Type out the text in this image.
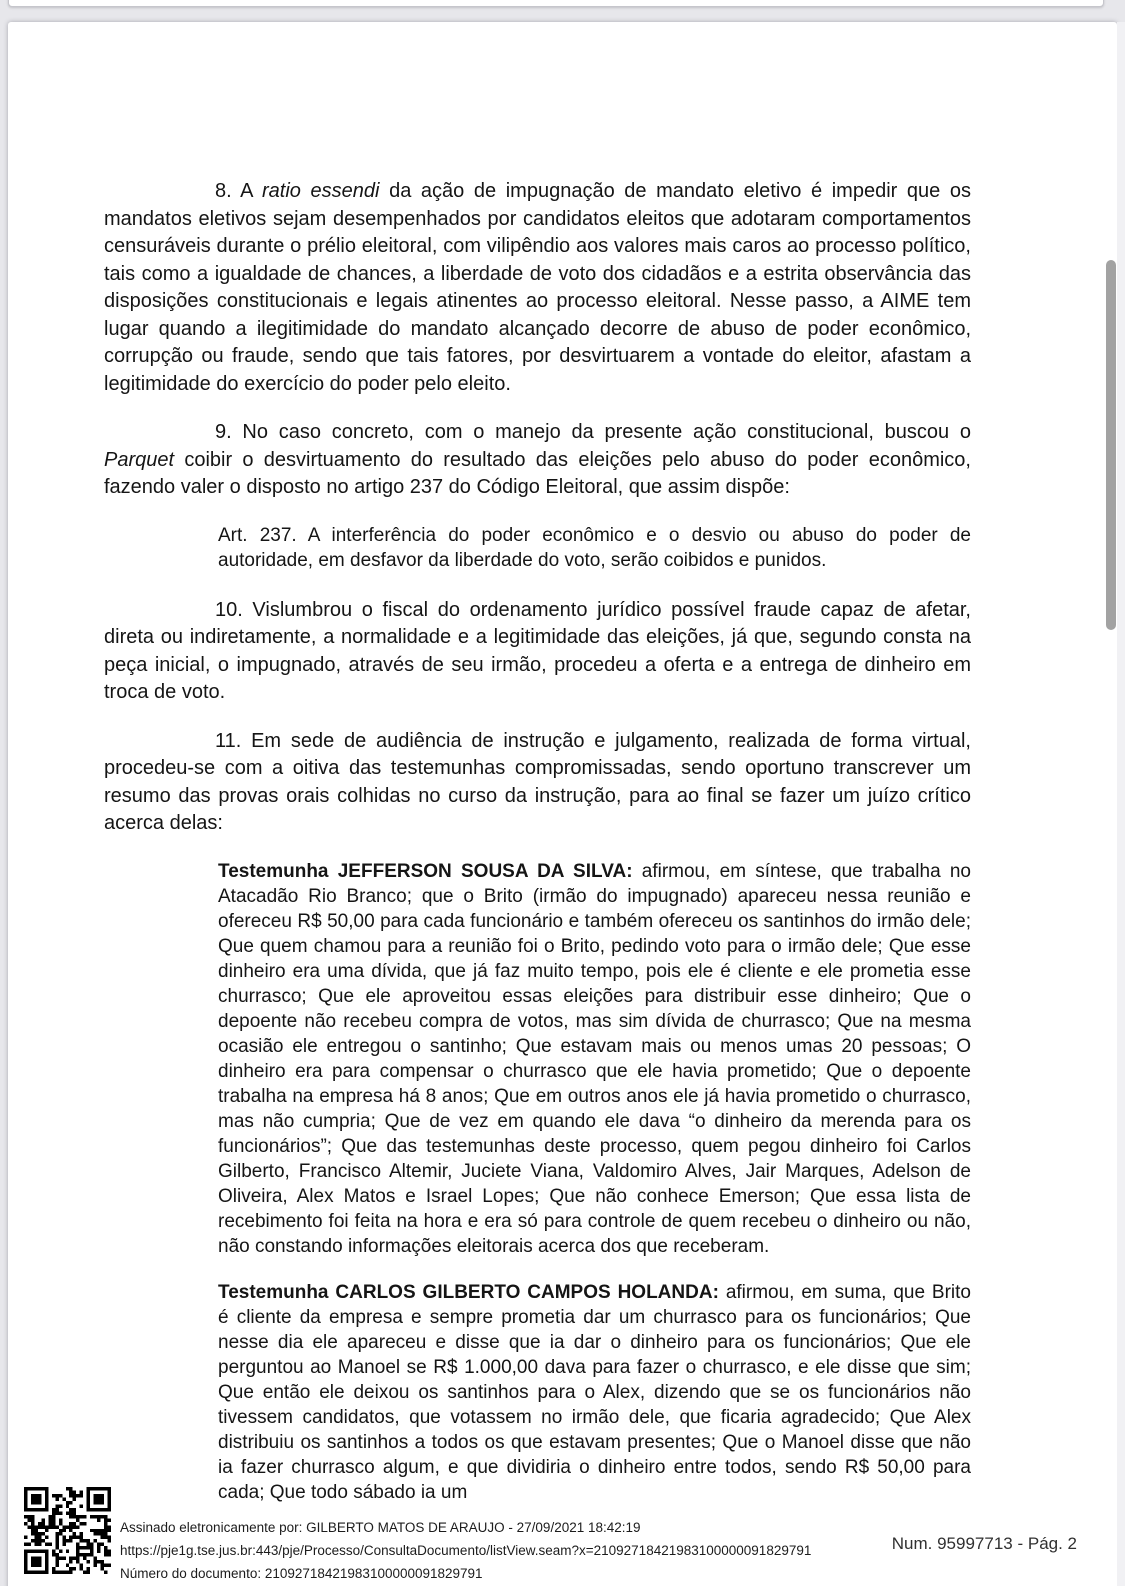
8. A ratio essendi da ação de impugnação de mandato eletivo é impedir que os mandatos eletivos sejam desempenhados por candidatos eleitos que adotaram comportamentos censuráveis durante o prélio eleitoral, com vilipêndio aos valores mais caros ao processo político, tais como a igualdade de chances, a liberdade de voto dos cidadãos e a estrita observância das disposições constitucionais e legais atinentes ao processo eleitoral. Nesse passo, a AIME tem lugar quando a ilegitimidade do mandato alcançado decorre de abuso de poder econômico, corrupção ou fraude, sendo que tais fatores, por desvirtuarem a vontade do eleitor, afastam a legitimidade do exercício do poder pelo eleito.

9. No caso concreto, com o manejo da presente ação constitucional, buscou o Parquet coibir o desvirtuamento do resultado das eleições pelo abuso do poder econômico, fazendo valer o disposto no artigo 237 do Código Eleitoral, que assim dispõe:

Art. 237. A interferência do poder econômico e o desvio ou abuso do poder de autoridade, em desfavor da liberdade do voto, serão coibidos e punidos.

10. Vislumbrou o fiscal do ordenamento jurídico possível fraude capaz de afetar, direta ou indiretamente, a normalidade e a legitimidade das eleições, já que, segundo consta na peça inicial, o impugnado, através de seu irmão, procedeu a oferta e a entrega de dinheiro em troca de voto.

11. Em sede de audiência de instrução e julgamento, realizada de forma virtual, procedeu-se com a oitiva das testemunhas compromissadas, sendo oportuno transcrever um resumo das provas orais colhidas no curso da instrução, para ao final se fazer um juízo crítico acerca delas:

Testemunha JEFFERSON SOUSA DA SILVA: afirmou, em síntese, que trabalha no Atacadão Rio Branco; que o Brito (irmão do impugnado) apareceu nessa reunião e ofereceu R$ 50,00 para cada funcionário e também ofereceu os santinhos do irmão dele; Que quem chamou para a reunião foi o Brito, pedindo voto para o irmão dele; Que esse dinheiro era uma dívida, que já faz muito tempo, pois ele é cliente e ele prometia esse churrasco; Que ele aproveitou essas eleições para distribuir esse dinheiro; Que o depoente não recebeu compra de votos, mas sim dívida de churrasco; Que na mesma ocasião ele entregou o santinho; Que estavam mais ou menos umas 20 pessoas; O dinheiro era para compensar o churrasco que ele havia prometido; Que o depoente trabalha na empresa há 8 anos; Que em outros anos ele já havia prometido o churrasco, mas não cumpria; Que de vez em quando ele dava “o dinheiro da merenda para os funcionários”; Que das testemunhas deste processo, quem pegou dinheiro foi Carlos Gilberto, Francisco Altemir, Juciete Viana, Valdomiro Alves, Jair Marques, Adelson de Oliveira, Alex Matos e Israel Lopes; Que não conhece Emerson; Que essa lista de recebimento foi feita na hora e era só para controle de quem recebeu o dinheiro ou não, não constando informações eleitorais acerca dos que receberam.

Testemunha CARLOS GILBERTO CAMPOS HOLANDA: afirmou, em suma, que Brito é cliente da empresa e sempre prometia dar um churrasco para os funcionários; Que nesse dia ele apareceu e disse que ia dar o dinheiro para os funcionários; Que ele perguntou ao Manoel se R$ 1.000,00 dava para fazer o churrasco, e ele disse que sim; Que então ele deixou os santinhos para o Alex, dizendo que se os funcionários não tivessem candidatos, que votassem no irmão dele, que ficaria agradecido; Que Alex distribuiu os santinhos a todos os que estavam presentes; Que o Manoel disse que não ia fazer churrasco algum, e que dividiria o dinheiro entre todos, sendo R$ 50,00 para cada; Que todo sábado ia um

Assinado eletronicamente por: GILBERTO MATOS DE ARAUJO - 27/09/2021 18:42:19
https://pje1g.tse.jus.br:443/pje/Processo/ConsultaDocumento/listView.seam?x=21092718421983100000091829791
Número do documento: 21092718421983100000091829791
Num. 95997713 - Pág. 2
